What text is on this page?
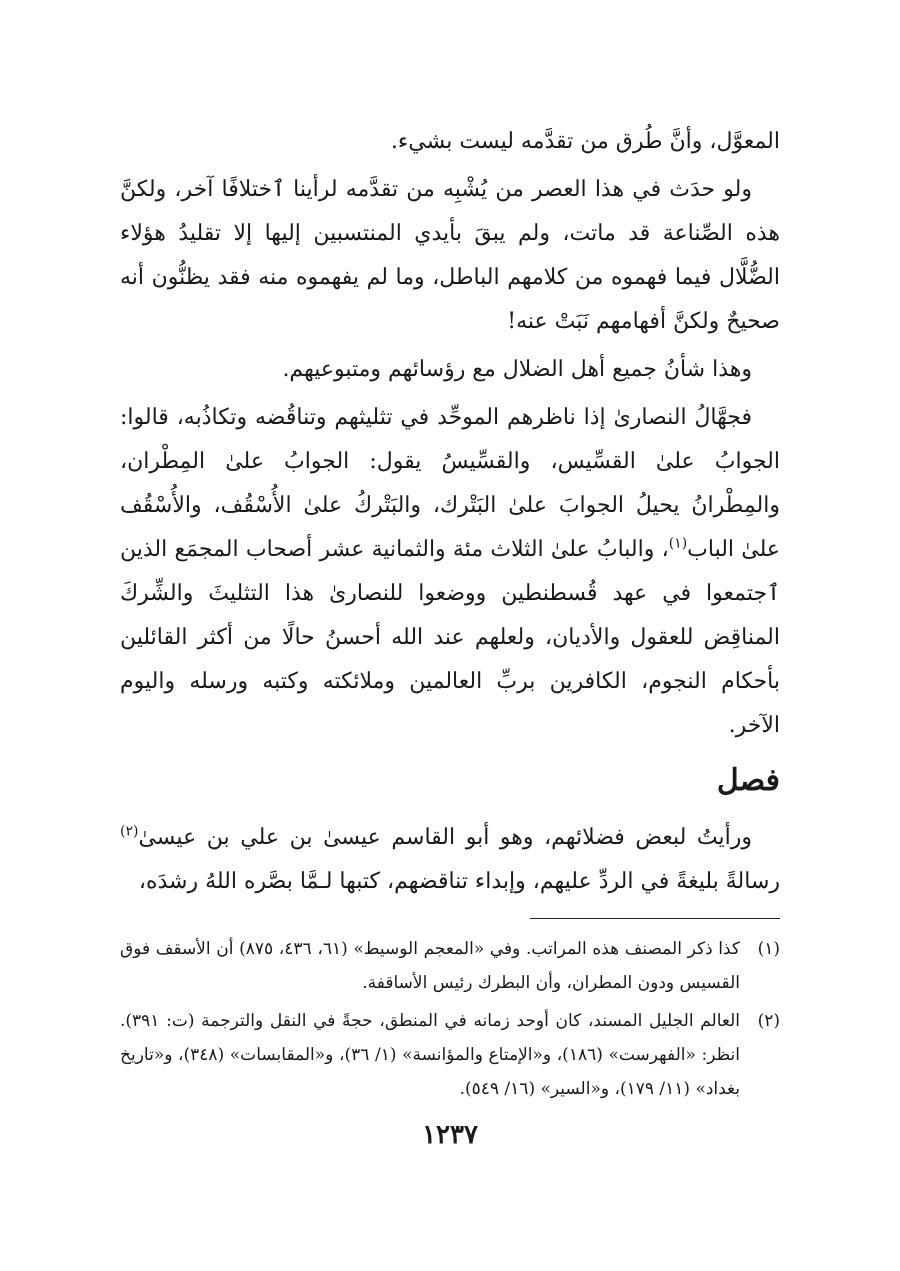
المعوَّل، وأنَّ طُرق من تقدَّمه ليست بشيء.

ولو حدَث في هذا العصر من يُشْبِه من تقدَّمه لرأينا ٱختلافًا آخر، ولكنَّ هذه الصِّناعة قد ماتت، ولم يبقَ بأيدي المنتسبين إليها إلا تقليدُ هؤلاء الضُّلَّال فيما فهموه من كلامهم الباطل، وما لم يفهموه منه فقد يظنُّون أنه صحيحٌ ولكنَّ أفهامهم نَبَتْ عنه!

وهذا شأنُ جميع أهل الضلال مع رؤسائهم ومتبوعيهم.

فجهَّالُ النصارىٰ إذا ناظرهم الموحِّد في تثليثهم وتناقُضه وتكاذُبه، قالوا: الجوابُ علىٰ القسِّيس، والقسِّيسُ يقول: الجوابُ علىٰ المِطْران، والمِطْرانُ يحيلُ الجوابَ علىٰ البَتْرك، والبَتْركُ علىٰ الأُسْقُف، والأُسْقُف علىٰ الباب$^{(١)}$، والبابُ علىٰ الثلاث مئة والثمانية عشر أصحاب المجمَع الذين ٱجتمعوا في عهد قُسطنطين ووضعوا للنصارىٰ هذا التثليثَ والشِّركَ المناقِض للعقول والأديان، ولعلهم عند الله أحسنُ حالًا من أكثر القائلين بأحكام النجوم، الكافرين بربِّ العالمين وملائكته وكتبه ورسله واليوم الآخر.

فصل

ورأيتُ لبعض فضلائهم، وهو أبو القاسم عيسىٰ بن علي بن عيسىٰ$^{(٢)}$ رسالةً بليغةً في الردِّ عليهم، وإبداء تناقضهم، كتبها لـمَّا بصَّره اللهُ رشدَه،

(١)
كذا ذكر المصنف هذه المراتب. وفي «المعجم الوسيط» (٦١، ٤٣٦، ٨٧٥) أن الأسقف فوق القسيس ودون المطران، وأن البطرك رئيس الأساقفة.
(٢)
العالم الجليل المسند، كان أوحد زمانه في المنطق، حجةً في النقل والترجمة (ت: ٣٩١). انظر: «الفهرست» (١٨٦)، و«الإمتاع والمؤانسة» (١/ ٣٦)، و«المقابسات» (٣٤٨)، و«تاريخ بغداد» (١١/ ١٧٩)، و«السير» (١٦/ ٥٤٩).
١٢٣٧
